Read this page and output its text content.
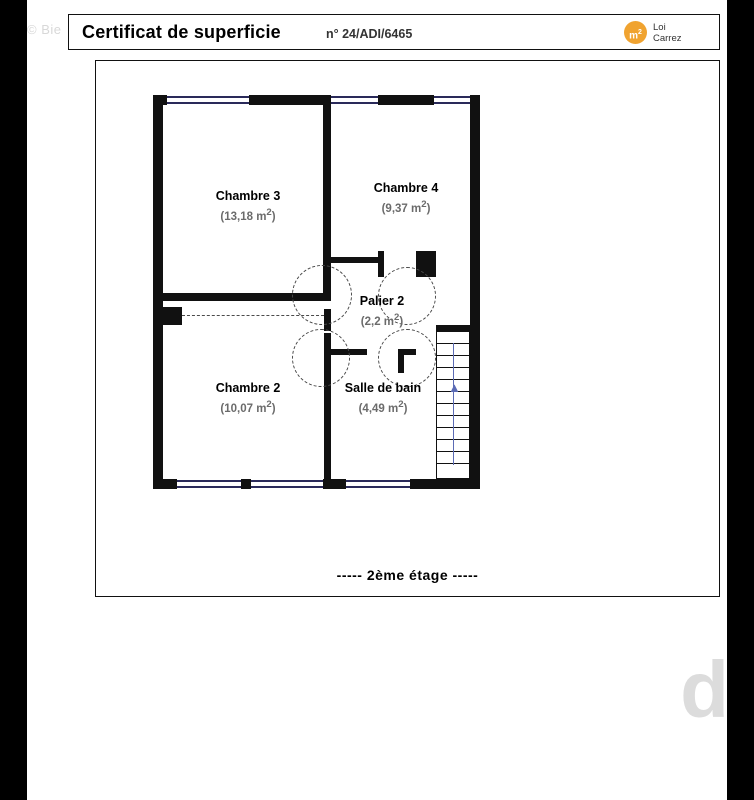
© Bie
d
Certificat de superficie	n° 24/ADI/6465	$m^2$	Loi
Carrez
▲
Chambre 3
(13,18 $m^2$)
Chambre 4
(9,37 $m^2$)
Palier 2
(2,2 $m^2$)
Chambre 2
(10,07 $m^2$)
Salle de bain
(4,49 $m^2$)
----- 2ème étage -----
